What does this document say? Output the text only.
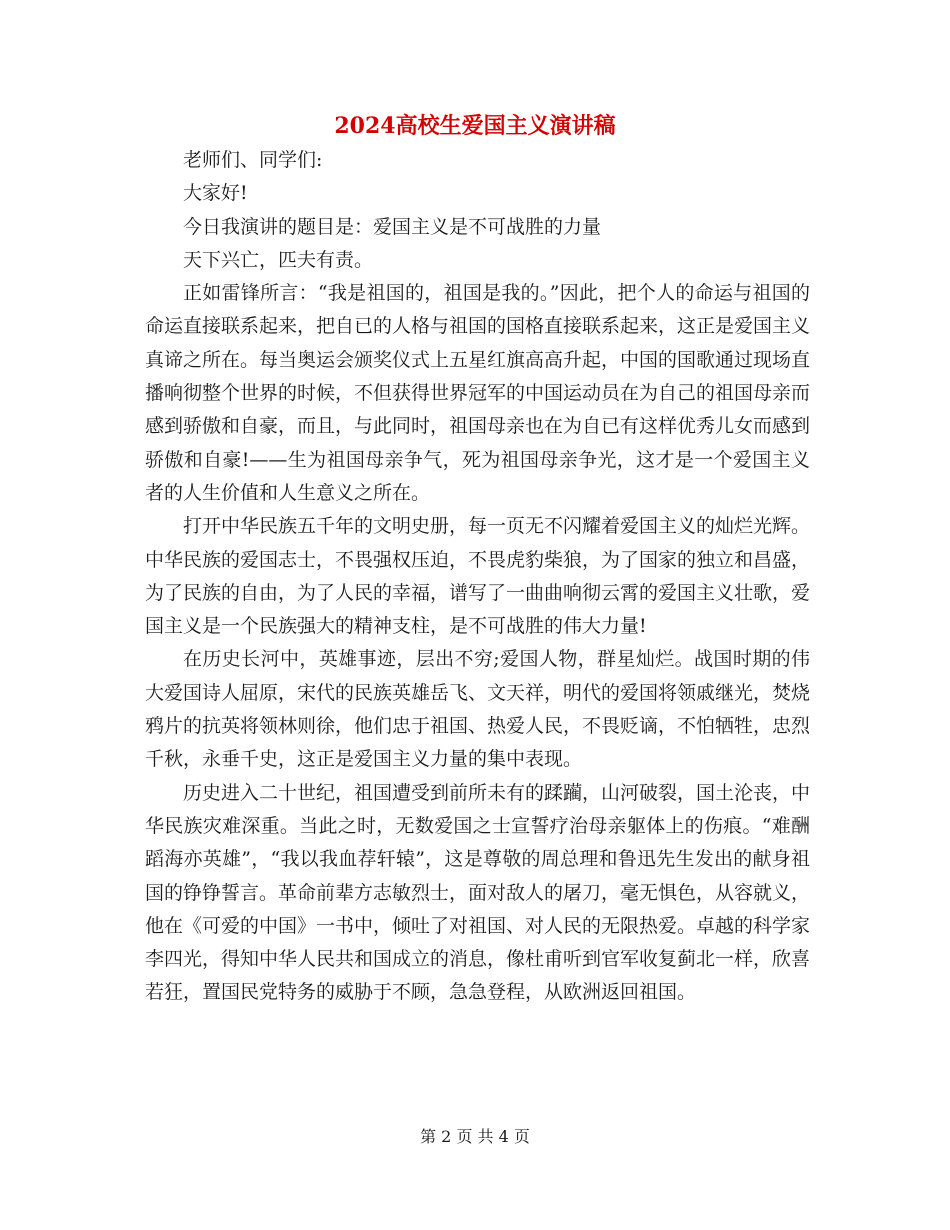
2024高校生爱国主义演讲稿

老师们、同学们:

大家好!

今日我演讲的题目是：爱国主义是不可战胜的力量

天下兴亡，匹夫有责。

正如雷锋所言：“我是祖国的，祖国是我的。”因此，把个人的命运与祖国的命运直接联系起来，把自已的人格与祖国的国格直接联系起来，这正是爱国主义真谛之所在。每当奥运会颁奖仪式上五星红旗高高升起，中国的国歌通过现场直播响彻整个世界的时候，不但获得世界冠军的中国运动员在为自己的祖国母亲而感到骄傲和自豪，而且，与此同时，祖国母亲也在为自已有这样优秀儿女而感到骄傲和自豪!——生为祖国母亲争气，死为祖国母亲争光，这才是一个爱国主义者的人生价值和人生意义之所在。

打开中华民族五千年的文明史册，每一页无不闪耀着爱国主义的灿烂光辉。中华民族的爱国志士，不畏强权压迫，不畏虎豹柴狼，为了国家的独立和昌盛，为了民族的自由，为了人民的幸福，谱写了一曲曲响彻云霄的爱国主义壮歌，爱国主义是一个民族强大的精神支柱，是不可战胜的伟大力量!

在历史长河中，英雄事迹，层出不穷;爱国人物，群星灿烂。战国时期的伟大爱国诗人屈原，宋代的民族英雄岳飞、文天祥，明代的爱国将领戚继光，焚烧鸦片的抗英将领林则徐，他们忠于祖国、热爱人民，不畏贬谪，不怕牺牲，忠烈千秋，永垂千史，这正是爱国主义力量的集中表现。

历史进入二十世纪，祖国遭受到前所未有的蹂躏，山河破裂，国土沦丧，中华民族灾难深重。当此之时，无数爱国之士宣誓疗治母亲躯体上的伤痕。“难酬蹈海亦英雄”，“我以我血荐轩辕”，这是尊敬的周总理和鲁迅先生发出的献身祖国的铮铮誓言。革命前辈方志敏烈士，面对敌人的屠刀，毫无惧色，从容就义，他在《可爱的中国》一书中，倾吐了对祖国、对人民的无限热爱。卓越的科学家李四光，得知中华人民共和国成立的消息，像杜甫听到官军收复蓟北一样，欣喜若狂，置国民党特务的威胁于不顾，急急登程，从欧洲返回祖国。

第 2 页 共 4 页
